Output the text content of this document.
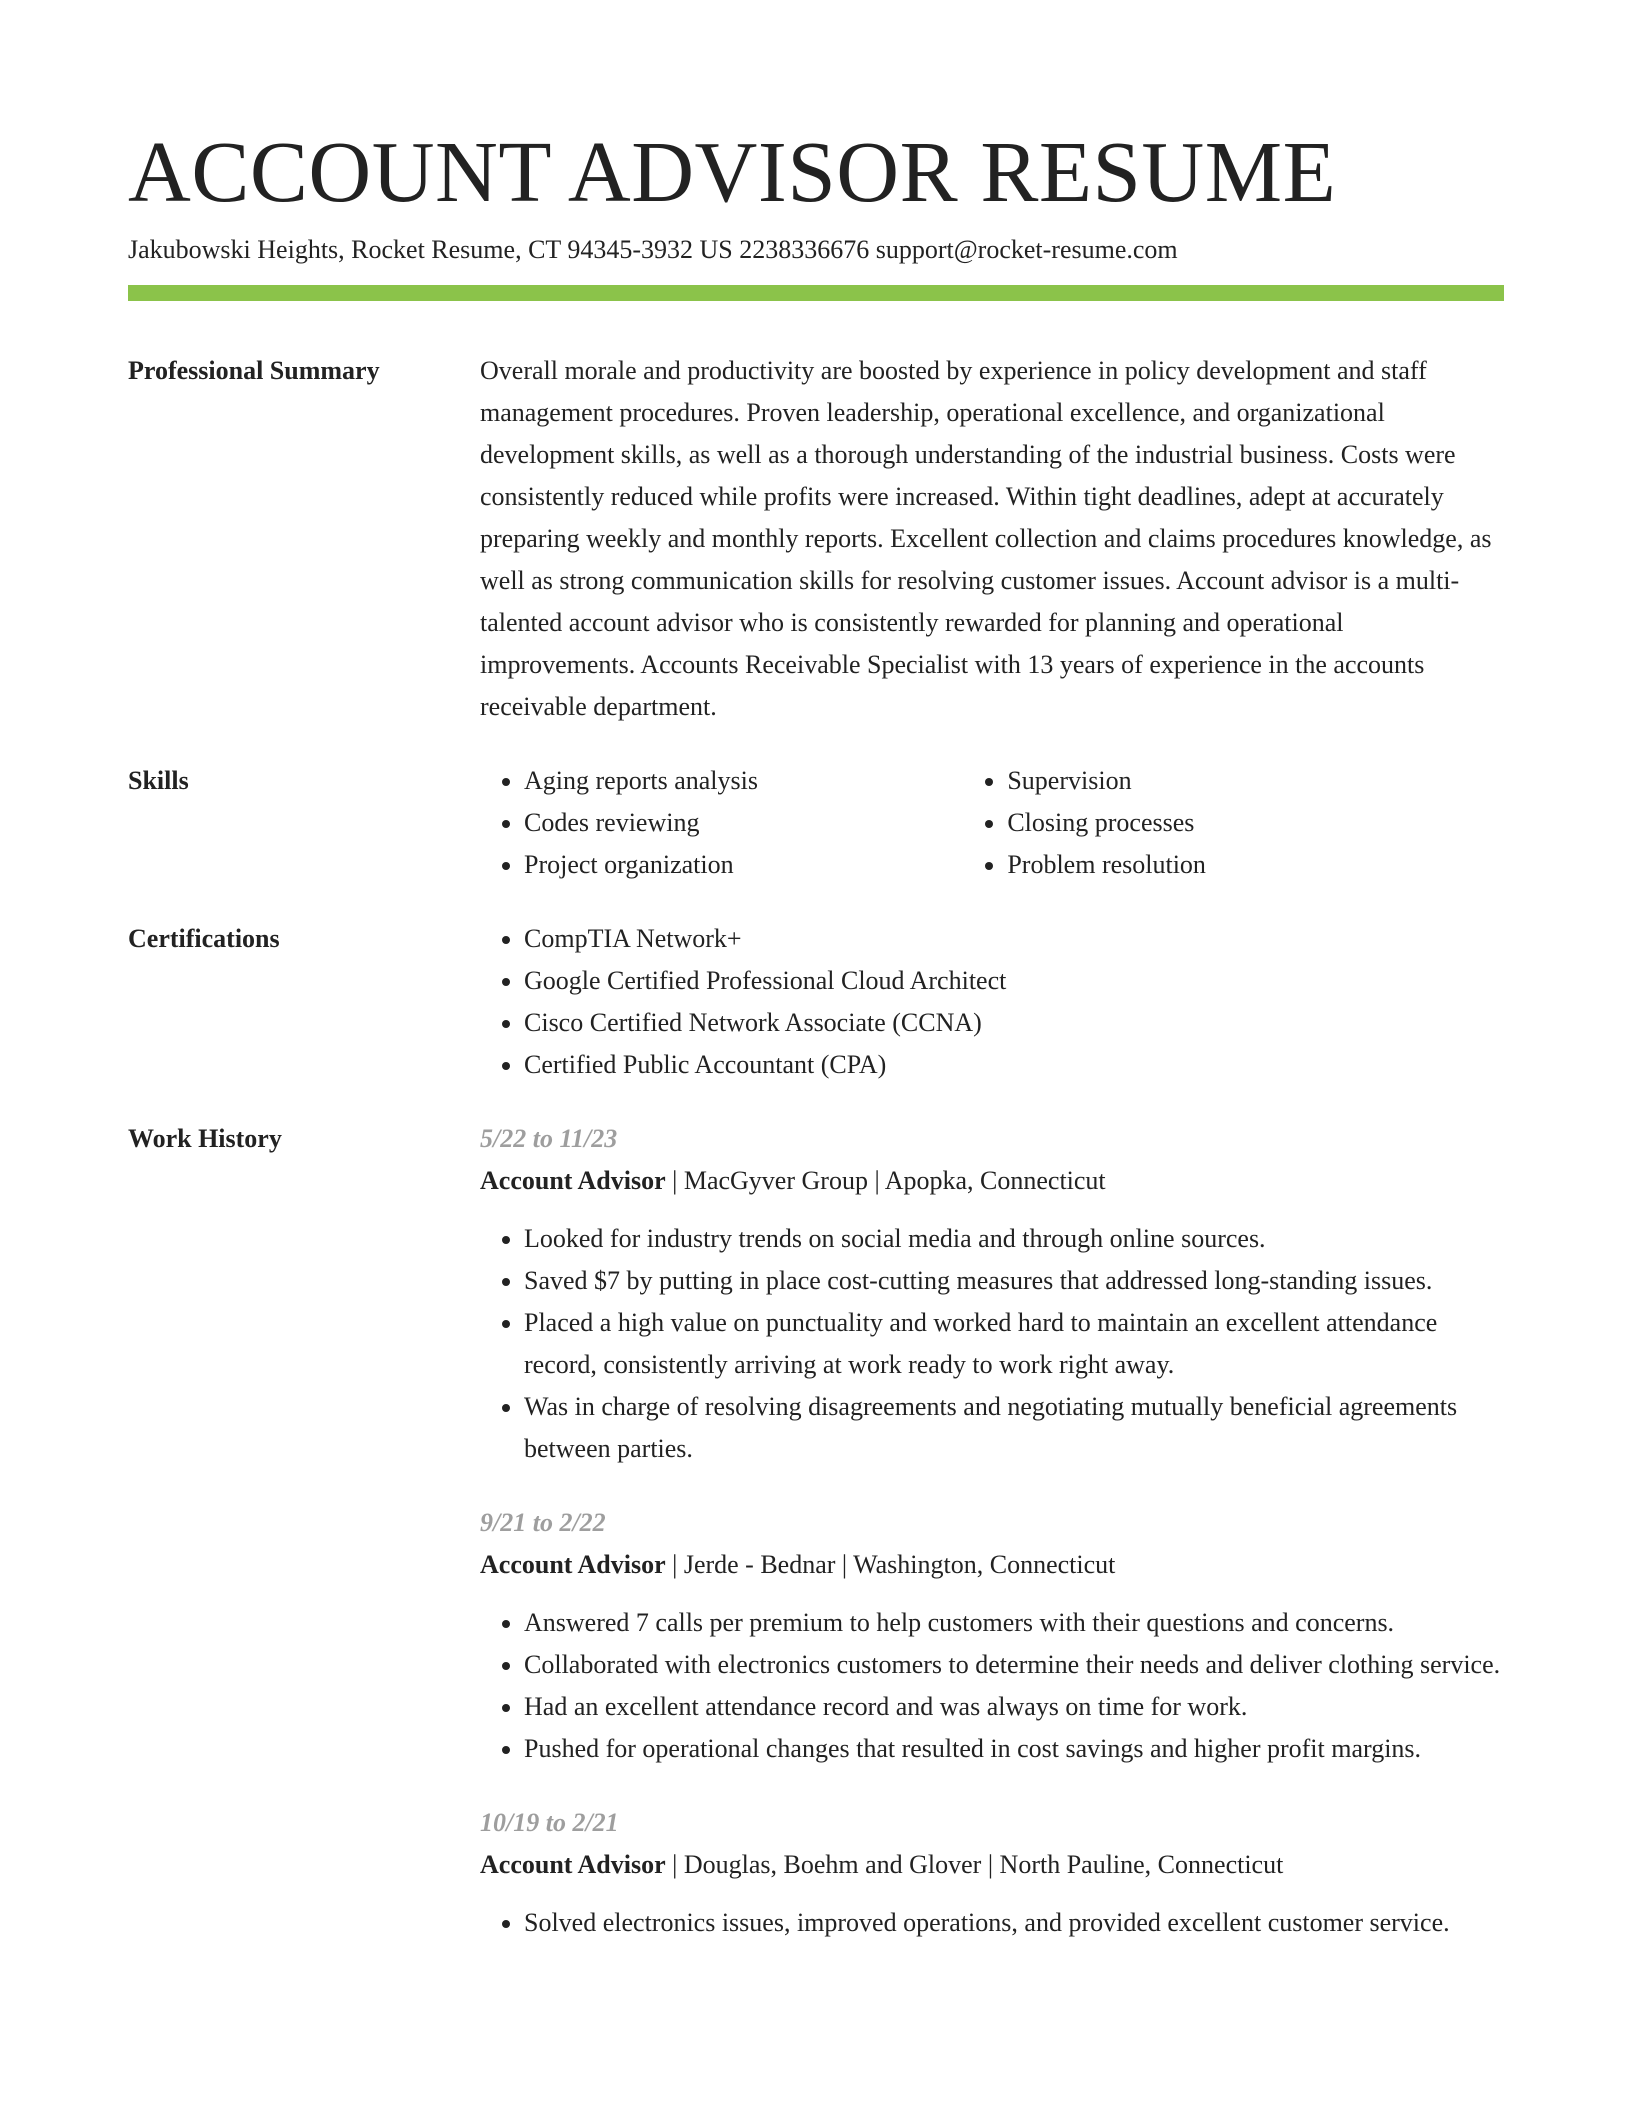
ACCOUNT ADVISOR RESUME
Jakubowski Heights, Rocket Resume, CT 94345-3932 US 2238336676 support@rocket-resume.com
Professional Summary	Overall morale and productivity are boosted by experience in policy development and staff management procedures. Proven leadership, operational excellence, and organizational development skills, as well as a thorough understanding of the industrial business. Costs were consistently reduced while profits were increased. Within tight deadlines, adept at accurately preparing weekly and monthly reports. Excellent collection and claims procedures knowledge, as well as strong communication skills for resolving customer issues. Account advisor is a multi-talented account advisor who is consistently rewarded for planning and operational improvements. Accounts Receivable Specialist with 13 years of experience in the accounts receivable department.

Skills	• Aging reports analysis
• Codes reviewing
• Project organization
• Supervision
• Closing processes
• Problem resolution
Certifications	• CompTIA Network+
• Google Certified Professional Cloud Architect
• Cisco Certified Network Associate (CCNA)
• Certified Public Accountant (CPA)
Work History	5/22 to 11/23
Account Advisor | MacGyver Group | Apopka, Connecticut
• Looked for industry trends on social media and through online sources.
• Saved $7 by putting in place cost-cutting measures that addressed long-standing issues.
• Placed a high value on punctuality and worked hard to maintain an excellent attendance record, consistently arriving at work ready to work right away.
• Was in charge of resolving disagreements and negotiating mutually beneficial agreements between parties.
9/21 to 2/22
Account Advisor | Jerde - Bednar | Washington, Connecticut
• Answered 7 calls per premium to help customers with their questions and concerns.
• Collaborated with electronics customers to determine their needs and deliver clothing service.
• Had an excellent attendance record and was always on time for work.
• Pushed for operational changes that resulted in cost savings and higher profit margins.
10/19 to 2/21
Account Advisor | Douglas, Boehm and Glover | North Pauline, Connecticut
• Solved electronics issues, improved operations, and provided excellent customer service.
